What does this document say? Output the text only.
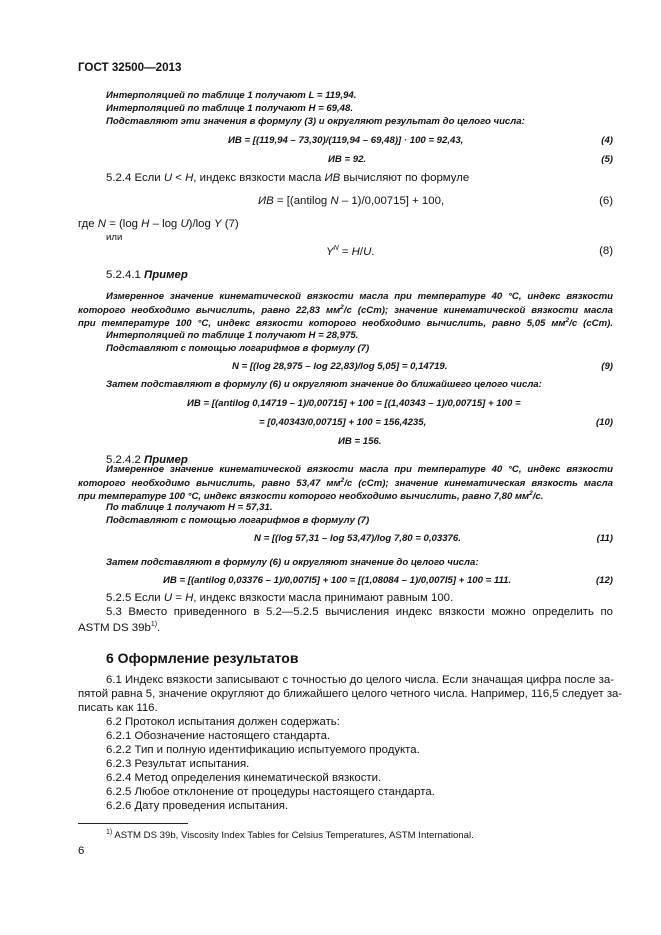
ГОСТ 32500—2013
Интерполяцией по таблице 1 получают L = 119,94.
Интерполяцией по таблице 1 получают H = 69,48.
Подставляют эти значения в формулу (3) и округляют результат до целого числа:
ИВ = [(119,94 – 73,30)/(119,94 – 69,48)] · 100 = 92,43,	(4)
ИВ = 92.	(5)
5.2.4 Если U < H, индекс вязкости масла ИВ вычисляют по формуле
ИВ = [(antilog N – 1)/0,00715] + 100,	(6)
где N = (log H – log U)/log Y (7)
или
$Y^N = H/U$.	(8)
5.2.4.1 Пример
Измеренное значение кинематической вязкости масла при температуре 40 °С, индекс вязкости
которого необходимо вычислить, равно 22,83 $мм^2/с$ (сСт); значение кинематической вязкости масла
при температуре 100 °С, индекс вязкости которого необходимо вычислить, равно 5,05 $мм^2/с$ (сСт).
Интерполяцией по таблице 1 получают H = 28,975.
Подставляют с помощью логарифмов в формулу (7)
N = [(log 28,975 – log 22,83)/log 5,05] = 0,14719.	(9)
Затем подставляют в формулу (6) и округляют значение до ближайшего целого числа:
ИВ = [(antilog 0,14719 – 1)/0,00715] + 100 = [(1,40343 – 1)/0,00715] + 100 =
= [0,40343/0,00715] + 100 = 156,4235,	(10)
ИВ = 156.
5.2.4.2 Пример
Измеренное значение кинематической вязкости масла при температуре 40 °С, индекс вязкости
которого необходимо вычислить, равно 53,47 $мм^2/с$ (сСт); значение кинематическая вязкость масла
при температуре 100 °С, индекс вязкости которого необходимо вычислить, равно 7,80 $мм^2/с$.
По таблице 1 получают H = 57,31.
Подставляют с помощью логарифмов в формулу (7)
N = [(log 57,31 – log 53,47)/log 7,80 = 0,03376.	(11)
Затем подставляют в формулу (6) и округляют значение до целого числа:
ИВ = [(antilog 0,03376 – 1)/0,007I5] + 100 = [(1,08084 – 1)/0,007I5] + 100 = 111.	(12)
5.2.5 Если U = H, индекс вязкости масла принимают равным 100.
5.3 Вместо приведенного в 5.2—5.2.5 вычисления индекс вязкости можно определить по
ASTM DS $39b^{1)}$.
6 Оформление результатов
6.1 Индекс вязкости записывают с точностью до целого числа. Если значащая цифра после за-
пятой равна 5, значение округляют до ближайшего целого четного числа. Например, 116,5 следует за-
писать как 116.
6.2 Протокол испытания должен содержать:
6.2.1 Обозначение настоящего стандарта.
6.2.2 Тип и полную идентификацию испытуемого продукта.
6.2.3 Результат испытания.
6.2.4 Метод определения кинематической вязкости.
6.2.5 Любое отклонение от процедуры настоящего стандарта.
6.2.6 Дату проведения испытания.
$^{1)}$ ASTM DS 39b, Viscosity Index Tables for Celsius Temperatures, ASTM International.
6
